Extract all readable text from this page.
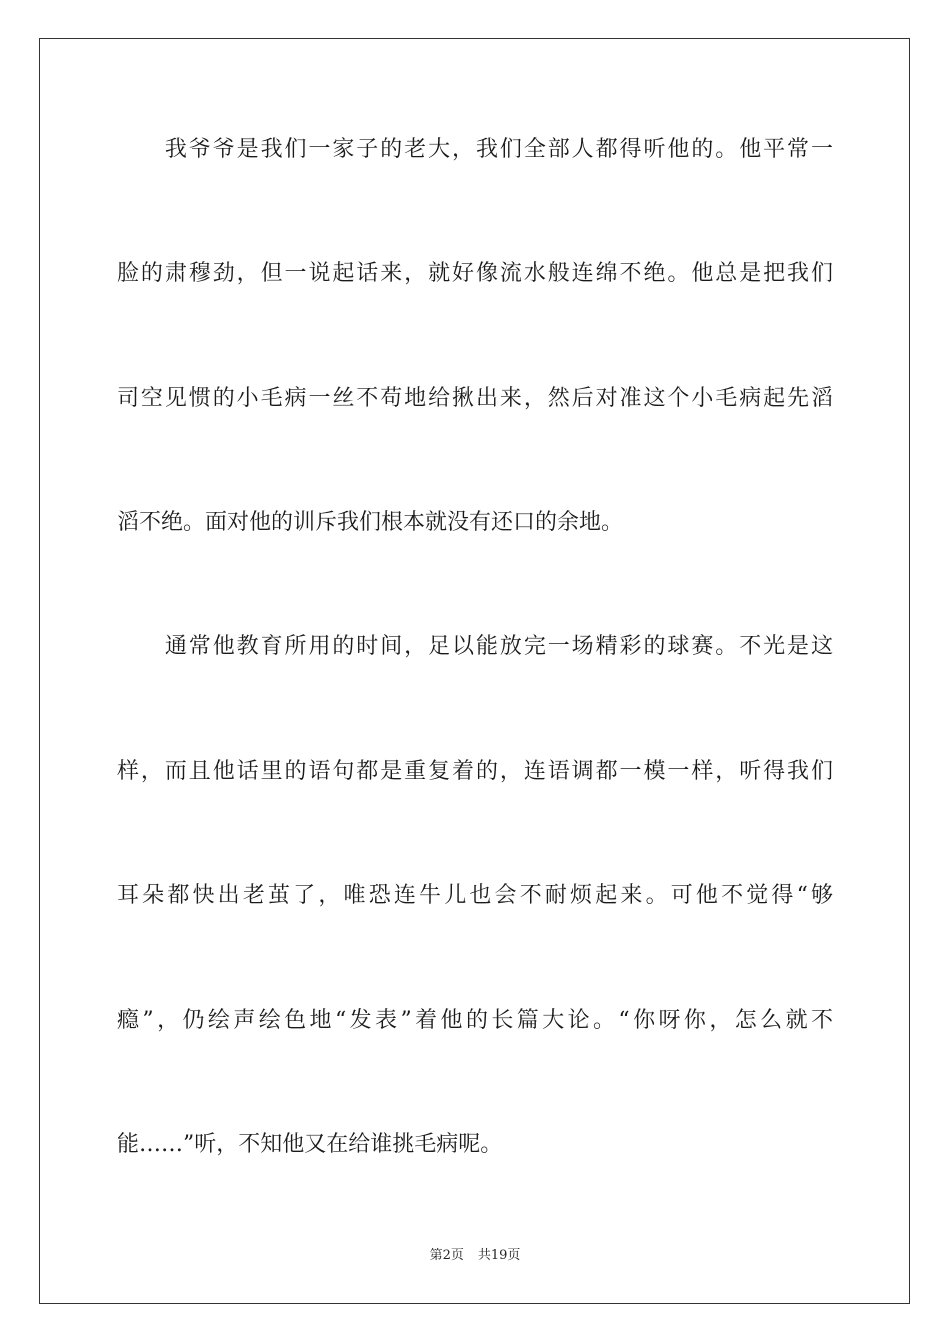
　　我爷爷是我们一家子的老大，我们全部人都得听他的。他平常一
脸的肃穆劲，但一说起话来，就好像流水般连绵不绝。他总是把我们
司空见惯的小毛病一丝不苟地给揪出来，然后对准这个小毛病起先滔
滔不绝。面对他的训斥我们根本就没有还口的余地。
　　通常他教育所用的时间，足以能放完一场精彩的球赛。不光是这
样，而且他话里的语句都是重复着的，连语调都一模一样，听得我们
耳朵都快出老茧了，唯恐连牛儿也会不耐烦起来。可他不觉得“够
瘾”，仍绘声绘色地“发表”着他的长篇大论。“你呀你，怎么就不
能……”听，不知他又在给谁挑毛病呢。
第2页 共19页
